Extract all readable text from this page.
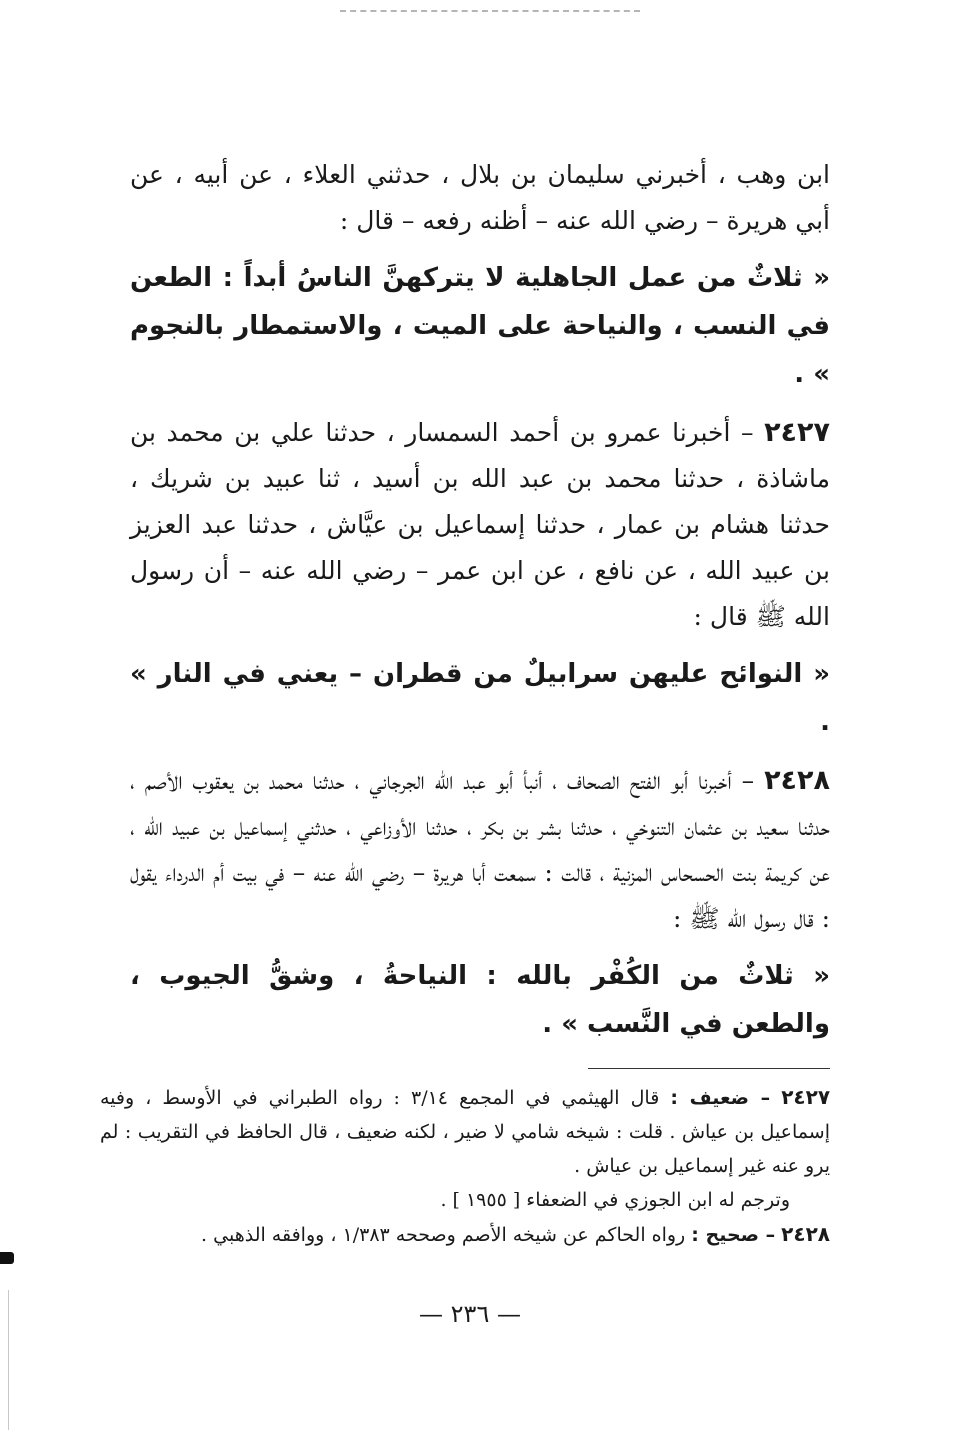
ابن وهب ، أخبرني سليمان بن بلال ، حدثني العلاء ، عن أبيه ، عن أبي هريرة – رضي الله عنه – أظنه رفعه – قال :

« ثلاثٌ من عمل الجاهلية لا يتركهنَّ الناسُ أبداً : الطعن في النسب ، والنياحة على الميت ، والاستمطار بالنجوم » .

٢٤٢٧ – أخبرنا عمرو بن أحمد السمسار ، حدثنا علي بن محمد بن ماشاذة ، حدثنا محمد بن عبد الله بن أسيد ، ثنا عبيد بن شريك ، حدثنا هشام بن عمار ، حدثنا إسماعيل بن عيَّاش ، حدثنا عبد العزيز بن عبيد الله ، عن نافع ، عن ابن عمر – رضي الله عنه – أن رسول الله ﷺ قال :

« النوائح عليهن سرابيلٌ من قطران – يعني في النار » .

٢٤٢٨ – أخبرنا أبو الفتح الصحاف ، أنبأ أبو عبد الله الجرجاني ، حدثنا محمد بن يعقوب الأصم ، حدثنا سعيد بن عثمان التنوخي ، حدثنا بشر بن بكر ، حدثنا الأوزاعي ، حدثني إسماعيل بن عبيد الله ، عن كريمة بنت الحسحاس المزنية ، قالت : سمعت أبا هريرة – رضي الله عنه – في بيت أم الدرداء يقول : قال رسول الله ﷺ :

« ثلاثٌ من الكُفْر بالله : النياحةُ ، وشقُّ الجيوب ، والطعن في النَّسب » .

٢٤٢٧ – ضعيف : قال الهيثمي في المجمع ٣/١٤ : رواه الطبراني في الأوسط ، وفيه إسماعيل بن عياش . قلت : شيخه شامي لا ضير ، لكنه ضعيف ، قال الحافظ في التقريب : لم يرو عنه غير إسماعيل بن عياش .

وترجم له ابن الجوزي في الضعفاء [ ١٩٥٥ ] .

٢٤٢٨ – صحيح : رواه الحاكم عن شيخه الأصم وصححه ١/٣٨٣ ، ووافقه الذهبي .

— ٢٣٦ —
